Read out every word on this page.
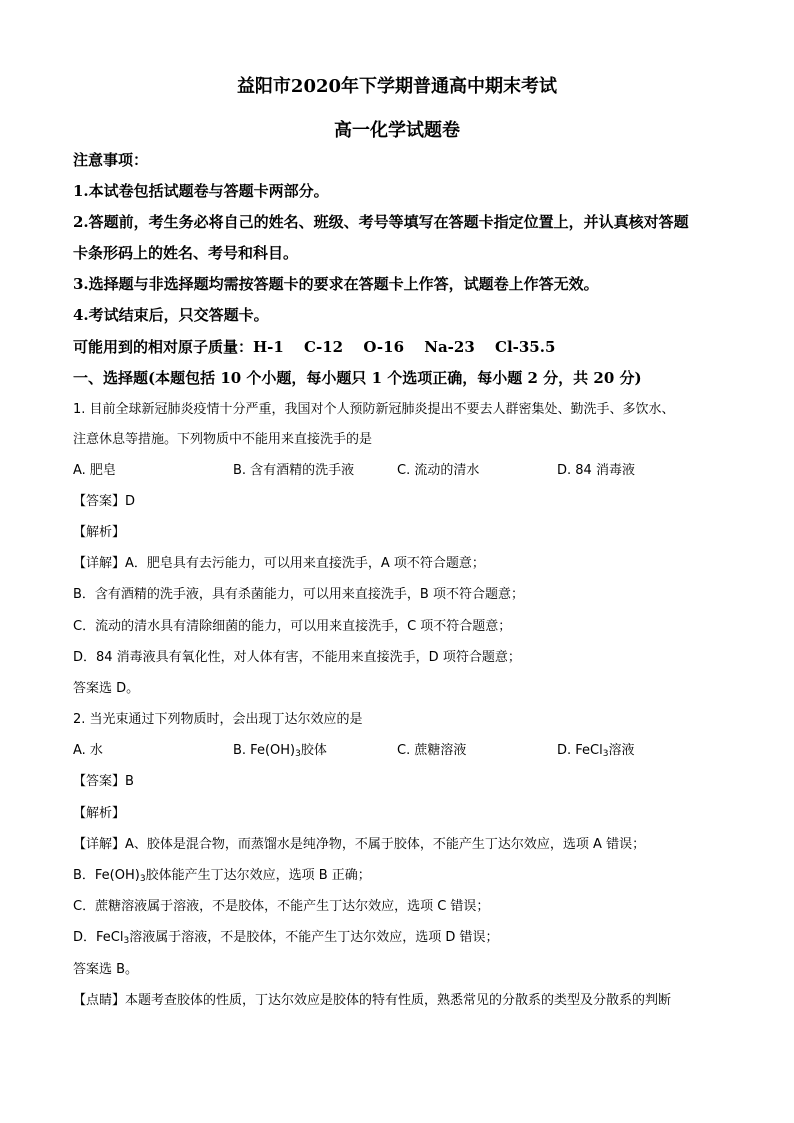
益阳市2020年下学期普通高中期末考试
高一化学试题卷
注意事项：
1.本试卷包括试题卷与答题卡两部分。
2.答题前，考生务必将自己的姓名、班级、考号等填写在答题卡指定位置上，并认真核对答题
卡条形码上的姓名、考号和科目。
3.选择题与非选择题均需按答题卡的要求在答题卡上作答，试题卷上作答无效。
4.考试结束后，只交答题卡。
可能用到的相对原子质量：H-1　 C-12　 O-16　 Na-23　 Cl-35.5
一、选择题(本题包括 10 个小题，每小题只 1 个选项正确，每小题 2 分，共 20 分)
1. 目前全球新冠肺炎疫情十分严重，我国对个人预防新冠肺炎提出不要去人群密集处、勤洗手、多饮水、
注意休息等措施。下列物质中不能用来直接洗手的是
A. 肥皂	B. 含有酒精的洗手液	C. 流动的清水	D. 84 消毒液
【答案】D
【解析】
【详解】A．肥皂具有去污能力，可以用来直接洗手，A 项不符合题意；
B．含有酒精的洗手液，具有杀菌能力，可以用来直接洗手，B 项不符合题意；
C．流动的清水具有清除细菌的能力，可以用来直接洗手，C 项不符合题意；
D．84 消毒液具有氧化性，对人体有害，不能用来直接洗手，D 项符合题意；
答案选 D。
2. 当光束通过下列物质时，会出现丁达尔效应的是
A. 水	B. $Fe(OH)_3$胶体	C. 蔗糖溶液	D. FeCl$_3$溶液
【答案】B
【解析】
【详解】A、胶体是混合物，而蒸馏水是纯净物，不属于胶体，不能产生丁达尔效应，选项 A 错误；
B．$Fe(OH)_3$胶体能产生丁达尔效应，选项 B 正确；
C．蔗糖溶液属于溶液，不是胶体，不能产生丁达尔效应，选项 C 错误；
D．FeCl$_3$溶液属于溶液，不是胶体，不能产生丁达尔效应，选项 D 错误；
答案选 B。
【点睛】本题考查胶体的性质，丁达尔效应是胶体的特有性质，熟悉常见的分散系的类型及分散系的判断
